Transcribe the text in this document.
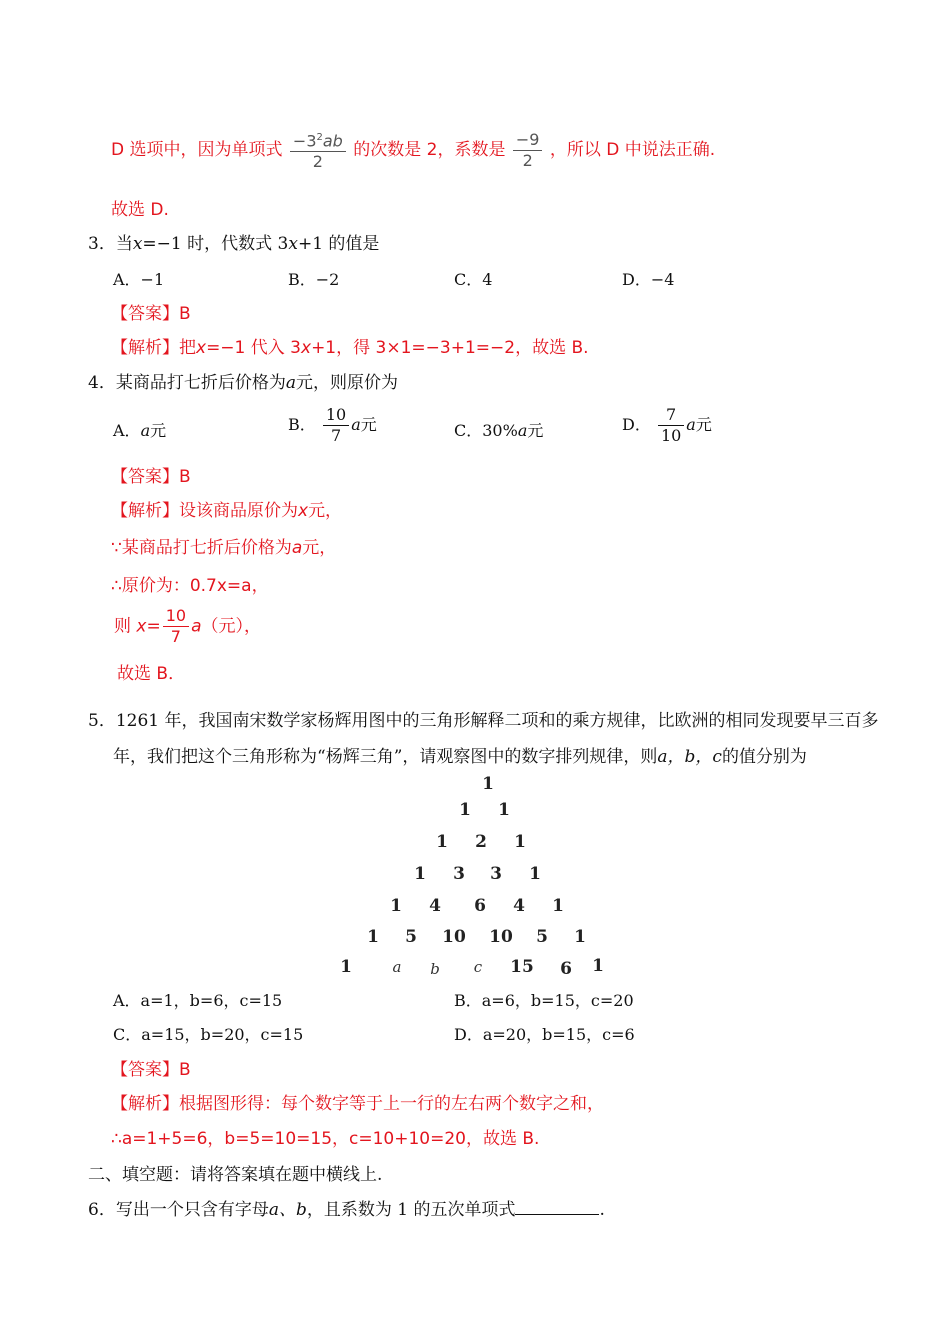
D 选项中，因为单项式 $\frac{-3^2ab}{2}$ 的次数是 2，系数是 $\frac{-9}{2}$ ，所以 D 中说法正确.
故选 D.
3．当x=−1 时，代数式 3x+1 的值是
A．−1	B．−2	C．4	D．−4
【答案】B
【解析】把x=−1 代入 3x+1，得 3×1=−3+1=−2，故选 B.
4．某商品打七折后价格为a元，则原价为
A．a元	B． $\frac{10}{7}$ a元	C．30%a元	D． $\frac{7}{10}$ a元
【答案】B
【解析】设该商品原价为x元，
∵某商品打七折后价格为a元，
∴原价为：0.7x=a，
则 $x= \frac{10}{7} a$（元），
故选 B．
5．1261 年，我国南宋数学家杨辉用图中的三角形解释二项和的乘方规律，比欧洲的相同发现要早三百多
年，我们把这个三角形称为“杨辉三角”，请观察图中的数字排列规律，则a，b，c的值分别为
1
1 1
1 2 1
1 3 3 1
1 4 6 4 1
1 5 10 10 5 1
1	a b c 15 6 1
A．a=1，b=6，c=15	B．a=6，b=15，c=20
C．a=15，b=20，c=15	D．a=20，b=15，c=6
【答案】B
【解析】根据图形得：每个数字等于上一行的左右两个数字之和，
∴a=1+5=6，b=5=10=15，c=10+10=20，故选 B.
二、填空题：请将答案填在题中横线上.
6．写出一个只含有字母a、b，且系数为 1 的五次单项式	.
